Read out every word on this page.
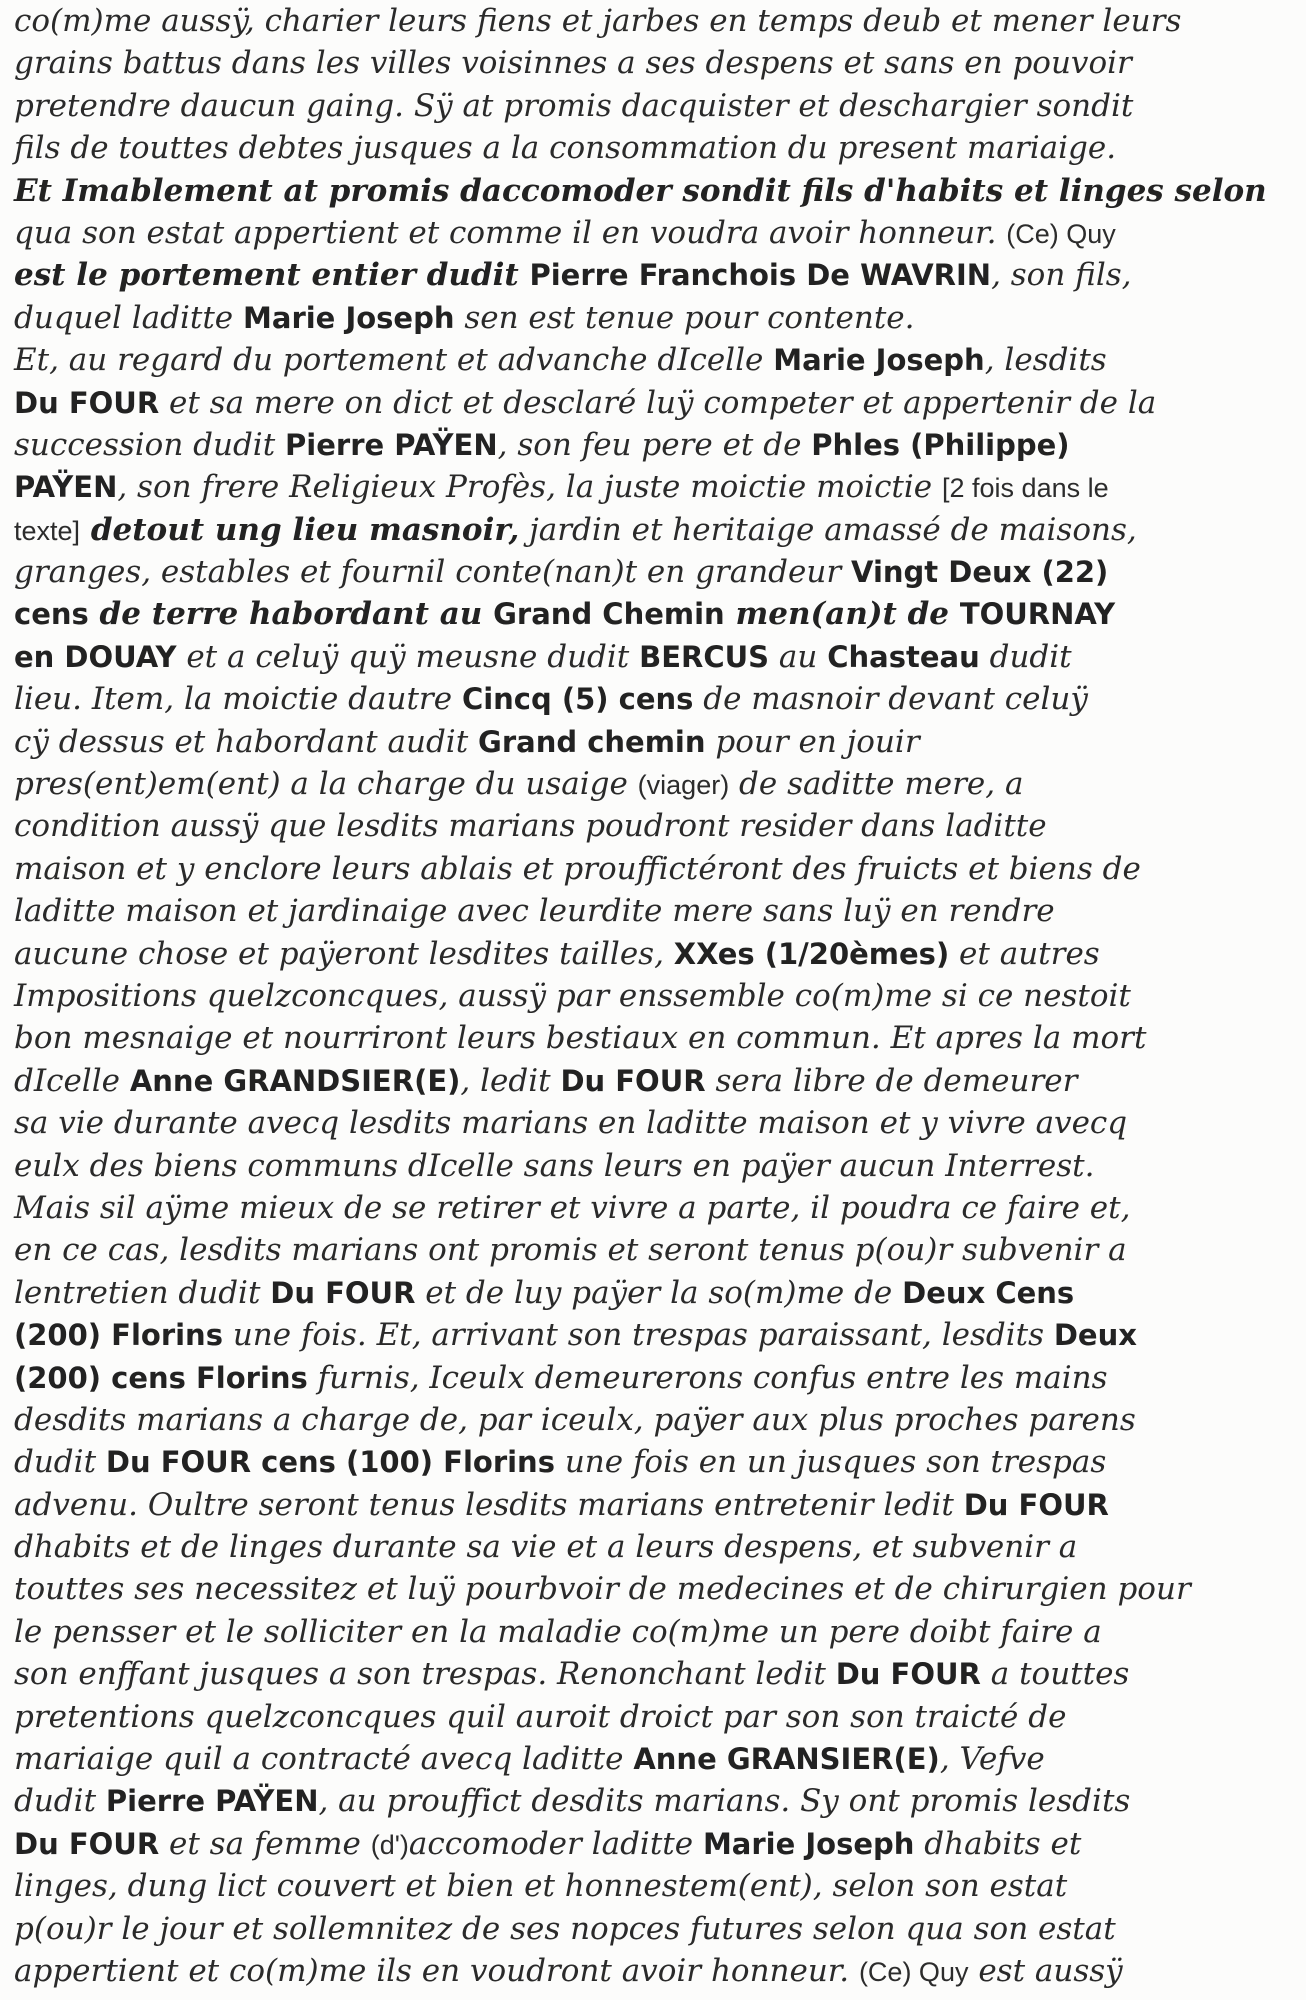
co(m)me aussÿ, charier leurs fiens et jarbes en temps deub et mener leurs
grains battus dans les villes voisinnes a ses despens et sans en pouvoir
pretendre daucun gaing. Sÿ at promis dacquister et deschargier sondit
fils de touttes debtes jusques a la consommation du present mariaige.
Et Imablement at promis daccomoder sondit fils d'habits et linges selon
qua son estat appertient et comme il en voudra avoir honneur. (Ce) Quy
est le portement entier dudit Pierre Franchois De WAVRIN, son fils,
duquel laditte Marie Joseph sen est tenue pour contente.
Et, au regard du portement et advanche dIcelle Marie Joseph, lesdits
Du FOUR et sa mere on dict et desclaré luÿ competer et appertenir de la
succession dudit Pierre PAŸEN, son feu pere et de Phles (Philippe)
PAŸEN, son frere Religieux Profès, la juste moictie moictie [2 fois dans le
texte] detout ung lieu masnoir, jardin et heritaige amassé de maisons,
granges, estables et fournil conte(nan)t en grandeur Vingt Deux (22)
cens de terre habordant au Grand Chemin men(an)t de TOURNAY
en DOUAY et a celuÿ quÿ meusne dudit BERCUS au Chasteau dudit
lieu. Item, la moictie dautre Cincq (5) cens de masnoir devant celuÿ
cÿ dessus et habordant audit Grand chemin pour en jouir
pres(ent)em(ent) a la charge du usaige (viager) de saditte mere, a
condition aussÿ que lesdits marians poudront resider dans laditte
maison et y enclore leurs ablais et prouffictéront des fruicts et biens de
laditte maison et jardinaige avec leurdite mere sans luÿ en rendre
aucune chose et paÿeront lesdites tailles, XXes (1/20èmes) et autres
Impositions quelzconcques, aussÿ par enssemble co(m)me si ce nestoit
bon mesnaige et nourriront leurs bestiaux en commun. Et apres la mort
dIcelle Anne GRANDSIER(E), ledit Du FOUR sera libre de demeurer
sa vie durante avecq lesdits marians en laditte maison et y vivre avecq
eulx des biens communs dIcelle sans leurs en paÿer aucun Interrest.
Mais sil aÿme mieux de se retirer et vivre a parte, il poudra ce faire et,
en ce cas, lesdits marians ont promis et seront tenus p(ou)r subvenir a
lentretien dudit Du FOUR et de luy paÿer la so(m)me de Deux Cens
(200) Florins une fois. Et, arrivant son trespas paraissant, lesdits Deux
(200) cens Florins furnis, Iceulx demeurerons confus entre les mains
desdits marians a charge de, par iceulx, paÿer aux plus proches parens
dudit Du FOUR cens (100) Florins une fois en un jusques son trespas
advenu. Oultre seront tenus lesdits marians entretenir ledit Du FOUR
dhabits et de linges durante sa vie et a leurs despens, et subvenir a
touttes ses necessitez et luÿ pourbvoir de medecines et de chirurgien pour
le pensser et le solliciter en la maladie co(m)me un pere doibt faire a
son enffant jusques a son trespas. Renonchant ledit Du FOUR a touttes
pretentions quelzconcques quil auroit droict par son son traicté de
mariaige quil a contracté avecq laditte Anne GRANSIER(E), Vefve
dudit Pierre PAŸEN, au prouffict desdits marians. Sy ont promis lesdits
Du FOUR et sa femme (d')accomoder laditte Marie Joseph dhabits et
linges, dung lict couvert et bien et honnestem(ent), selon son estat
p(ou)r le jour et sollemnitez de ses nopces futures selon qua son estat
appertient et co(m)me ils en voudront avoir honneur. (Ce) Quy est aussÿ
